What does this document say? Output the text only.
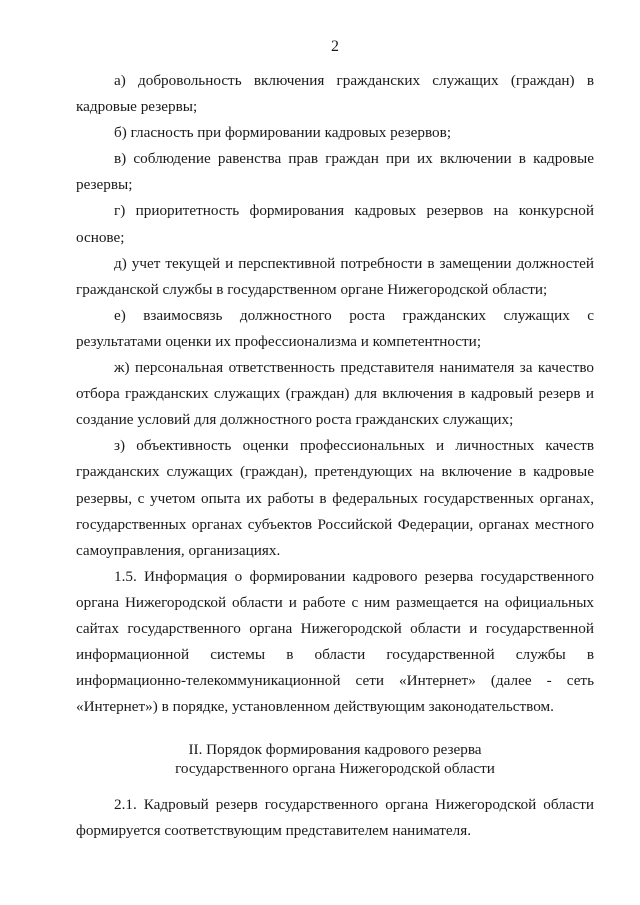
2

а) добровольность включения гражданских служащих (граждан) в кадровые резервы;

б) гласность при формировании кадровых резервов;

в) соблюдение равенства прав граждан при их включении в кадровые резервы;

г) приоритетность формирования кадровых резервов на конкурсной основе;

д) учет текущей и перспективной потребности в замещении должностей гражданской службы в государственном органе Нижегородской области;

е) взаимосвязь должностного роста гражданских служащих с результатами оценки их профессионализма и компетентности;

ж) персональная ответственность представителя нанимателя за качество отбора гражданских служащих (граждан) для включения в кадровый резерв и создание условий для должностного роста гражданских служащих;

з) объективность оценки профессиональных и личностных качеств гражданских служащих (граждан), претендующих на включение в кадровые резервы, с учетом опыта их работы в федеральных государственных органах, государственных органах субъектов Российской Федерации, органах местного самоуправления, организациях.

1.5. Информация о формировании кадрового резерва государственного органа Нижегородской области и работе с ним размещается на официальных сайтах государственного органа Нижегородской области и государственной информационной системы в области государственной службы в информационно-телекоммуникационной сети «Интернет» (далее - сеть «Интернет») в порядке, установленном действующим законодательством.

II. Порядок формирования кадрового резерва
государственного органа Нижегородской области

2.1. Кадровый резерв государственного органа Нижегородской области формируется соответствующим представителем нанимателя.
